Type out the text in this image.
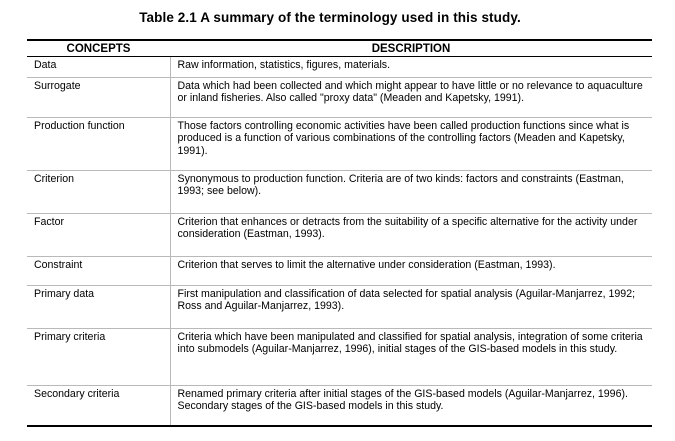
Table 2.1 A summary of the terminology used in this study.
CONCEPTS	DESCRIPTION
Data	Raw information, statistics, figures, materials.
Surrogate	Data which had been collected and which might appear to have little or no relevance to aquaculture or inland fisheries. Also called "proxy data" (Meaden and Kapetsky, 1991).
Production function	Those factors controlling economic activities have been called production functions since what is produced is a function of various combinations of the controlling factors (Meaden and Kapetsky, 1991).
Criterion	Synonymous to production function. Criteria are of two kinds: factors and constraints (Eastman, 1993; see below).
Factor	Criterion that enhances or detracts from the suitability of a specific alternative for the activity under consideration (Eastman, 1993).
Constraint	Criterion that serves to limit the alternative under consideration (Eastman, 1993).
Primary data	First manipulation and classification of data selected for spatial analysis (Aguilar-Manjarrez, 1992; Ross and Aguilar-Manjarrez, 1993).
Primary criteria	Criteria which have been manipulated and classified for spatial analysis, integration of some criteria into submodels (Aguilar-Manjarrez, 1996), initial stages of the GIS-based models in this study.
Secondary criteria	Renamed primary criteria after initial stages of the GIS-based models (Aguilar-Manjarrez, 1996). Secondary stages of the GIS-based models in this study.
